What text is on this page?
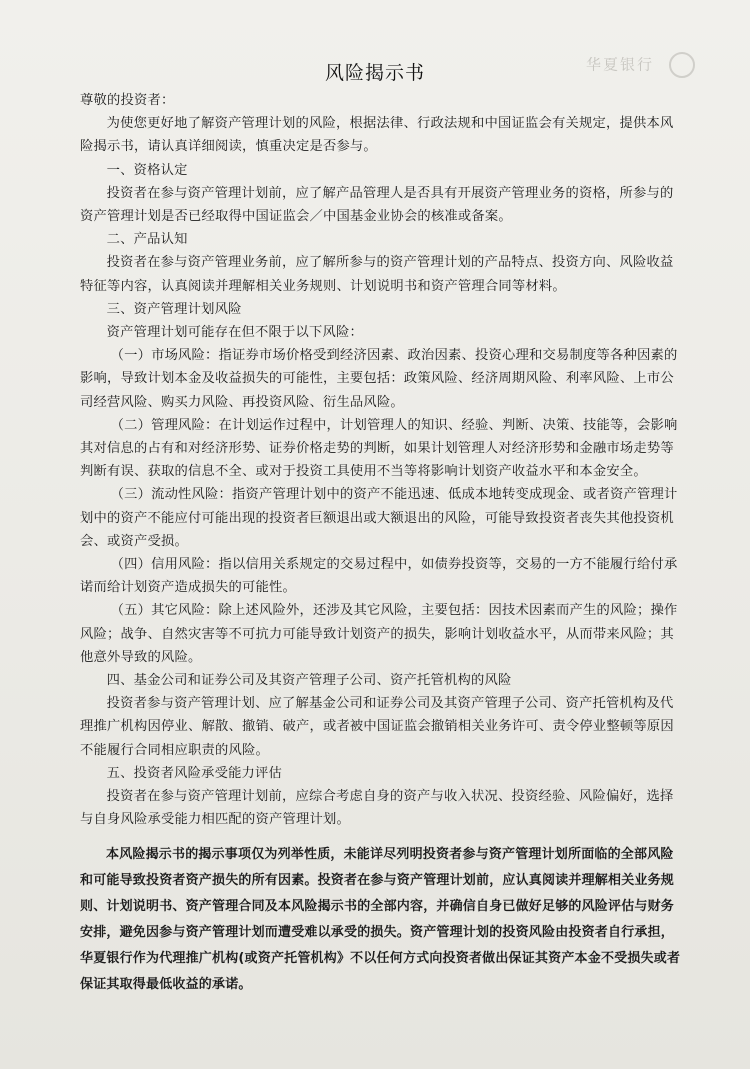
华夏银行
风险揭示书

尊敬的投资者：

为使您更好地了解资产管理计划的风险，根据法律、行政法规和中国证监会有关规定，提供本风险揭示书，请认真详细阅读，慎重决定是否参与。

一、资格认定

投资者在参与资产管理计划前，应了解产品管理人是否具有开展资产管理业务的资格，所参与的资产管理计划是否已经取得中国证监会／中国基金业协会的核准或备案。

二、产品认知

投资者在参与资产管理业务前，应了解所参与的资产管理计划的产品特点、投资方向、风险收益特征等内容，认真阅读并理解相关业务规则、计划说明书和资产管理合同等材料。

三、资产管理计划风险

资产管理计划可能存在但不限于以下风险：

（一）市场风险：指证券市场价格受到经济因素、政治因素、投资心理和交易制度等各种因素的影响，导致计划本金及收益损失的可能性，主要包括：政策风险、经济周期风险、利率风险、上市公司经营风险、购买力风险、再投资风险、衍生品风险。

（二）管理风险：在计划运作过程中，计划管理人的知识、经验、判断、决策、技能等，会影响其对信息的占有和对经济形势、证券价格走势的判断，如果计划管理人对经济形势和金融市场走势等判断有误、获取的信息不全、或对于投资工具使用不当等将影响计划资产收益水平和本金安全。

（三）流动性风险：指资产管理计划中的资产不能迅速、低成本地转变成现金、或者资产管理计划中的资产不能应付可能出现的投资者巨额退出或大额退出的风险，可能导致投资者丧失其他投资机会、或资产受损。

（四）信用风险：指以信用关系规定的交易过程中，如债券投资等，交易的一方不能履行给付承诺而给计划资产造成损失的可能性。

（五）其它风险：除上述风险外，还涉及其它风险，主要包括：因技术因素而产生的风险；操作风险；战争、自然灾害等不可抗力可能导致计划资产的损失，影响计划收益水平，从而带来风险；其他意外导致的风险。

四、基金公司和证券公司及其资产管理子公司、资产托管机构的风险

投资者参与资产管理计划、应了解基金公司和证券公司及其资产管理子公司、资产托管机构及代理推广机构因停业、解散、撤销、破产，或者被中国证监会撤销相关业务许可、责令停业整顿等原因不能履行合同相应职责的风险。

五、投资者风险承受能力评估

投资者在参与资产管理计划前，应综合考虑自身的资产与收入状况、投资经验、风险偏好，选择与自身风险承受能力相匹配的资产管理计划。

本风险揭示书的揭示事项仅为列举性质，未能详尽列明投资者参与资产管理计划所面临的全部风险和可能导致投资者资产损失的所有因素。投资者在参与资产管理计划前，应认真阅读并理解相关业务规则、计划说明书、资产管理合同及本风险揭示书的全部内容，并确信自身已做好足够的风险评估与财务安排，避免因参与资产管理计划而遭受难以承受的损失。资产管理计划的投资风险由投资者自行承担，华夏银行作为代理推广机构(或资产托管机构》不以任何方式向投资者做出保证其资产本金不受损失或者保证其取得最低收益的承诺。
